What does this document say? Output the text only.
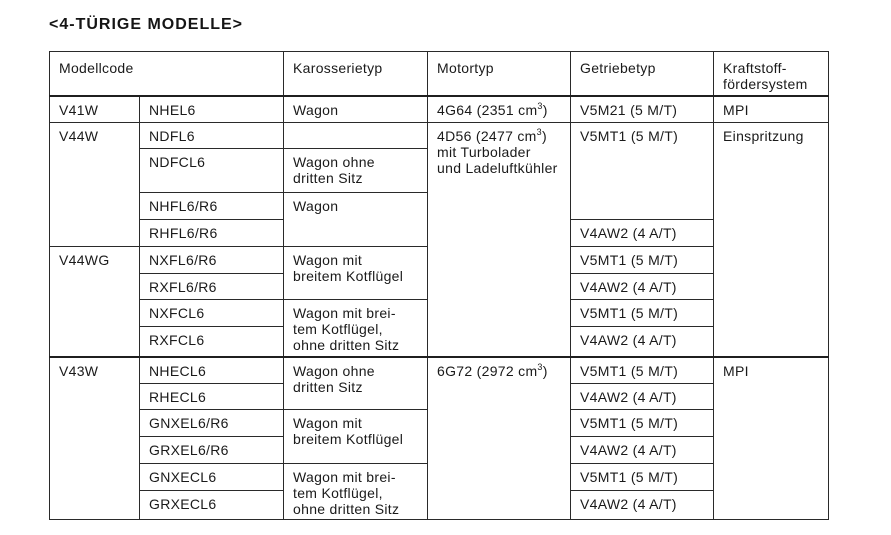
<4-TÜRIGE MODELLE>
Modellcode		Karosserietyp	Motortyp	Getriebetyp	Kraftstoff-
fördersystem

V41W	NHEL6	Wagon	4G64 (2351 $cm^3$)	V5M21 (5 M/T)	MPI
V44W	NDFL6		4D56 (2477 $cm^3$)
mit Turbolader
und Ladeluftkühler	V5MT1 (5 M/T)	Einspritzung
	NDFCL6	Wagon ohne
dritten Sitz			

	NHFL6/R6	Wagon			
	RHFL6/R6			V4AW2 (4 A/T)	
V44WG	NXFL6/R6	Wagon mit
breitem Kotflügel		V5MT1 (5 M/T)	
	RXFL6/R6			V4AW2 (4 A/T)	
	NXFCL6	Wagon mit brei-
tem Kotflügel,
ohne dritten Sitz		V5MT1 (5 M/T)	
	RXFCL6			V4AW2 (4 A/T)	
V43W	NHECL6	Wagon ohne
dritten Sitz	6G72 (2972 $cm^3$)	V5MT1 (5 M/T)	MPI
	RHECL6			V4AW2 (4 A/T)	
	GNXEL6/R6	Wagon mit
breitem Kotflügel		V5MT1 (5 M/T)	
	GRXEL6/R6			V4AW2 (4 A/T)	
	GNXECL6	Wagon mit brei-
tem Kotflügel,
ohne dritten Sitz		V5MT1 (5 M/T)	
	GRXECL6			V4AW2 (4 A/T)	
